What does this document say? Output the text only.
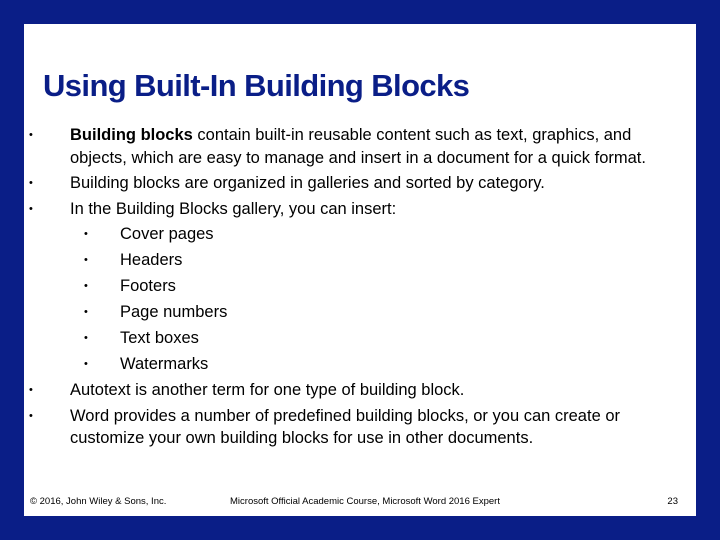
Using Built-In Building Blocks
• Building blocks contain built-in reusable content such as text, graphics, and objects, which are easy to manage and insert in a document for a quick format.
• Building blocks are organized in galleries and sorted by category.
• In the Building Blocks gallery, you can insert:
• Cover pages
• Headers
• Footers
• Page numbers
• Text boxes
• Watermarks
• Autotext is another term for one type of building block.
• Word provides a number of predefined building blocks, or you can create or customize your own building blocks for use in other documents.
© 2016, John Wiley & Sons, Inc.	Microsoft Official Academic Course, Microsoft Word 2016 Expert	23
